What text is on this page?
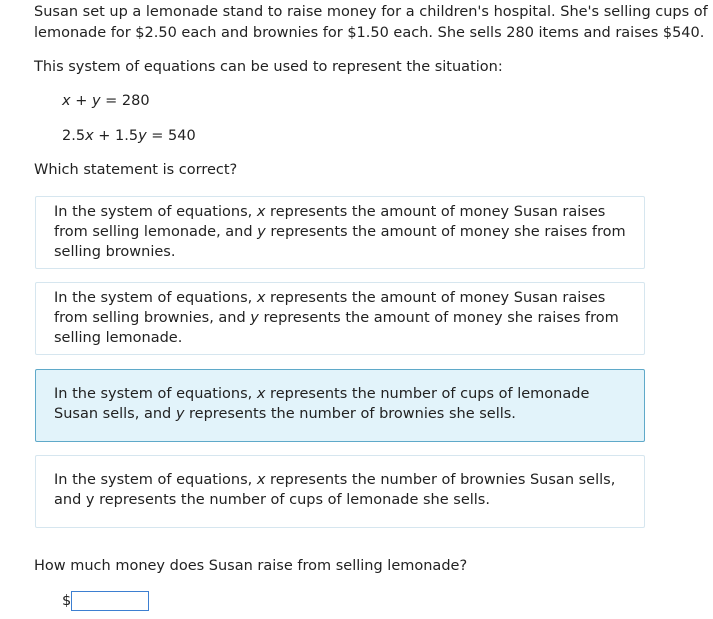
Susan set up a lemonade stand to raise money for a children's hospital. She's selling cups of lemonade for $2.50 each and brownies for $1.50 each. She sells 280 items and raises $540.

This system of equations can be used to represent the situation:

x + y = 280

2.5x + 1.5y = 540

Which statement is correct?

In the system of equations, x represents the amount of money Susan raises from selling lemonade, and y represents the amount of money she raises from selling brownies.
In the system of equations, x represents the amount of money Susan raises from selling brownies, and y represents the amount of money she raises from selling lemonade.
In the system of equations, x represents the number of cups of lemonade Susan sells, and y represents the number of brownies she sells.
In the system of equations, x represents the number of brownies Susan sells, and y represents the number of cups of lemonade she sells.

How much money does Susan raise from selling lemonade?

$
